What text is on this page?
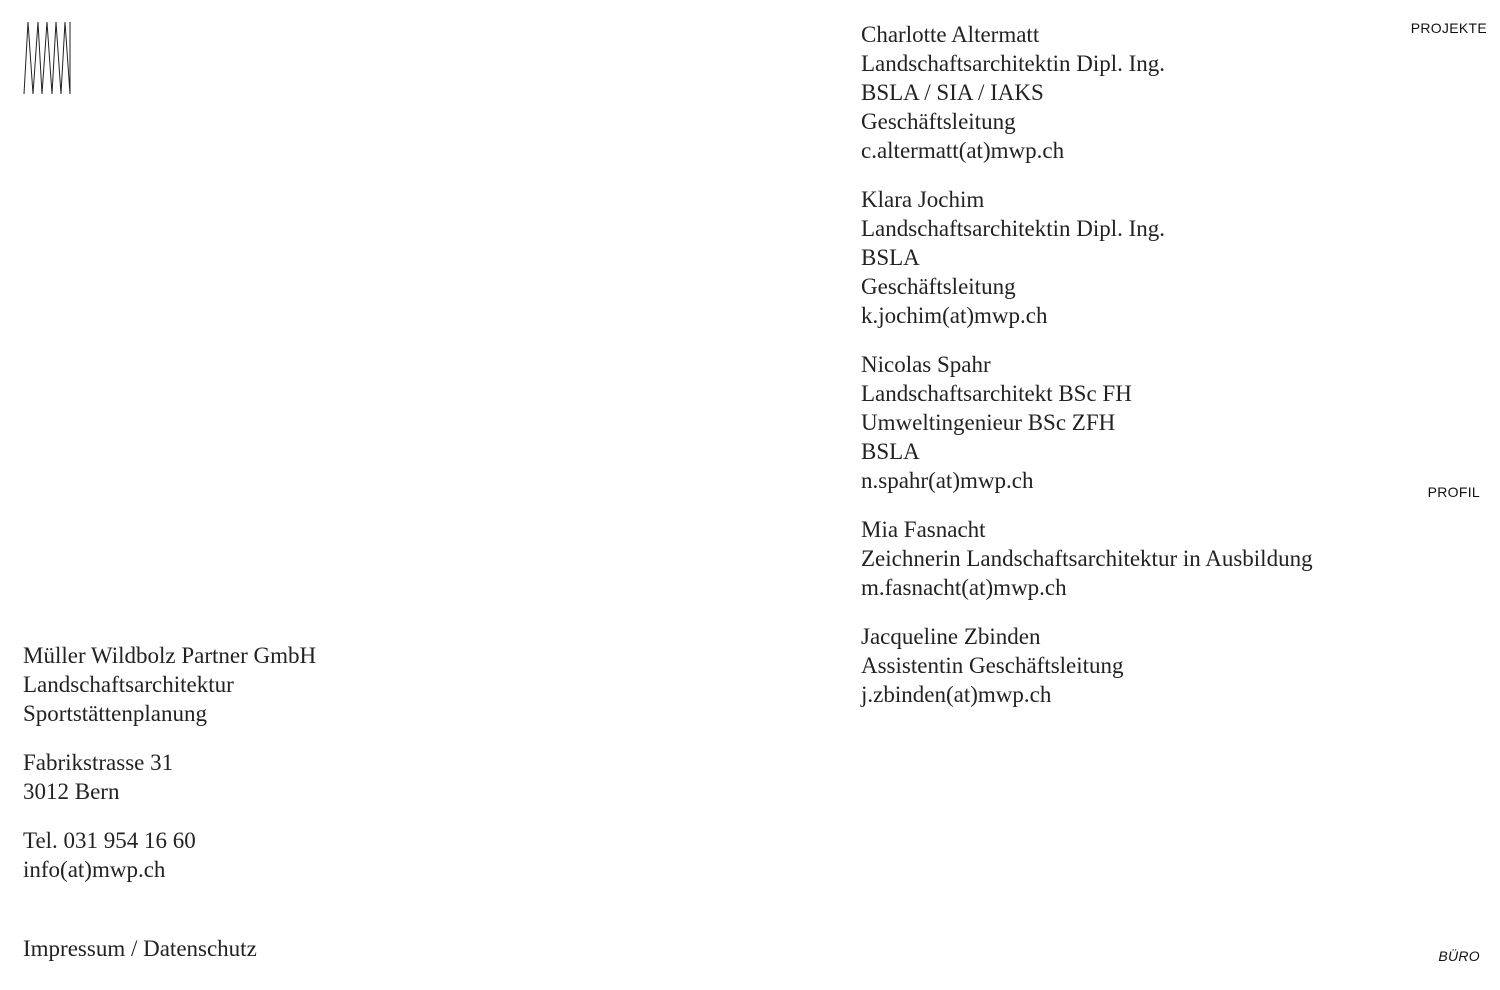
Charlotte Altermatt
Landschaftsarchitektin Dipl. Ing.
BSLA / SIA / IAKS
Geschäftsleitung
c.altermatt(at)mwp.ch
Klara Jochim
Landschaftsarchitektin Dipl. Ing.
BSLA
Geschäftsleitung
k.jochim(at)mwp.ch
Nicolas Spahr
Landschaftsarchitekt BSc FH
Umweltingenieur BSc ZFH
BSLA
n.spahr(at)mwp.ch
Mia Fasnacht
Zeichnerin Landschaftsarchitektur in Ausbildung
m.fasnacht(at)mwp.ch
Jacqueline Zbinden
Assistentin Geschäftsleitung
j.zbinden(at)mwp.ch
Müller Wildbolz Partner GmbH
Landschaftsarchitektur
Sportstättenplanung
Fabrikstrasse 31
3012 Bern
Tel. 031 954 16 60
info(at)mwp.ch
Impressum / Datenschutz
PROJEKTE
PROFIL
BÜRO
